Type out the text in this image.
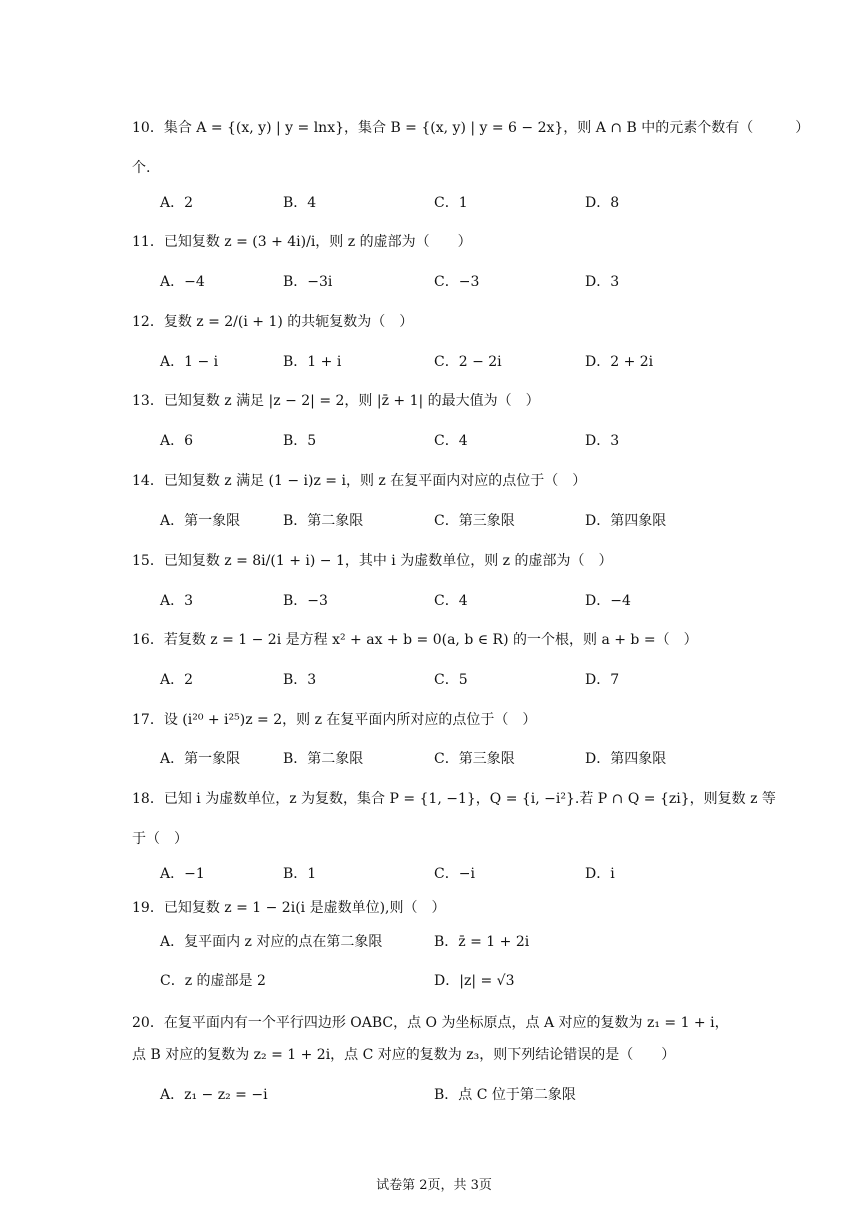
10．集合 A = {(x, y) | y = lnx}，集合 B = {(x, y) | y = 6 − 2x}，则 A ∩ B 中的元素个数有（　　　）
个.
A．2	B．4	C．1	D．8
11．已知复数 z = (3 + 4i)/i，则 z 的虚部为（　　）
A．−4	B．−3i	C．−3	D．3
12．复数 z = 2/(i + 1) 的共轭复数为（　）
A．1 − i	B．1 + i	C．2 − 2i	D．2 + 2i
13．已知复数 z 满足 |z − 2| = 2，则 |z̄ + 1| 的最大值为（　）
A．6	B．5	C．4	D．3
14．已知复数 z 满足 (1 − i)z = i，则 z 在复平面内对应的点位于（　）
A．第一象限	B．第二象限	C．第三象限	D．第四象限
15．已知复数 z = 8i/(1 + i) − 1，其中 i 为虚数单位，则 z 的虚部为（　）
A．3	B．−3	C．4	D．−4
16．若复数 z = 1 − 2i 是方程 x² + ax + b = 0(a, b ∈ R) 的一个根，则 a + b =（　）
A．2	B．3	C．5	D．7
17．设 (i²⁰ + i²⁵)z = 2，则 z 在复平面内所对应的点位于（　）
A．第一象限	B．第二象限	C．第三象限	D．第四象限
18．已知 i 为虚数单位，z 为复数，集合 P = {1, −1}，Q = {i, −i²}.若 P ∩ Q = {zi}，则复数 z 等
于（　）
A．−1	B．1	C．−i	D．i
19．已知复数 z = 1 − 2i(i 是虚数单位),则（　）
A．复平面内 z 对应的点在第二象限	B．z̄ = 1 + 2i
C．z 的虚部是 2	D．|z| = √3
20．在复平面内有一个平行四边形 OABC，点 O 为坐标原点，点 A 对应的复数为 z₁ = 1 + i，
点 B 对应的复数为 z₂ = 1 + 2i，点 C 对应的复数为 z₃，则下列结论错误的是（　　）
A．z₁ − z₂ = −i	B．点 C 位于第二象限
试卷第 2页，共 3页
